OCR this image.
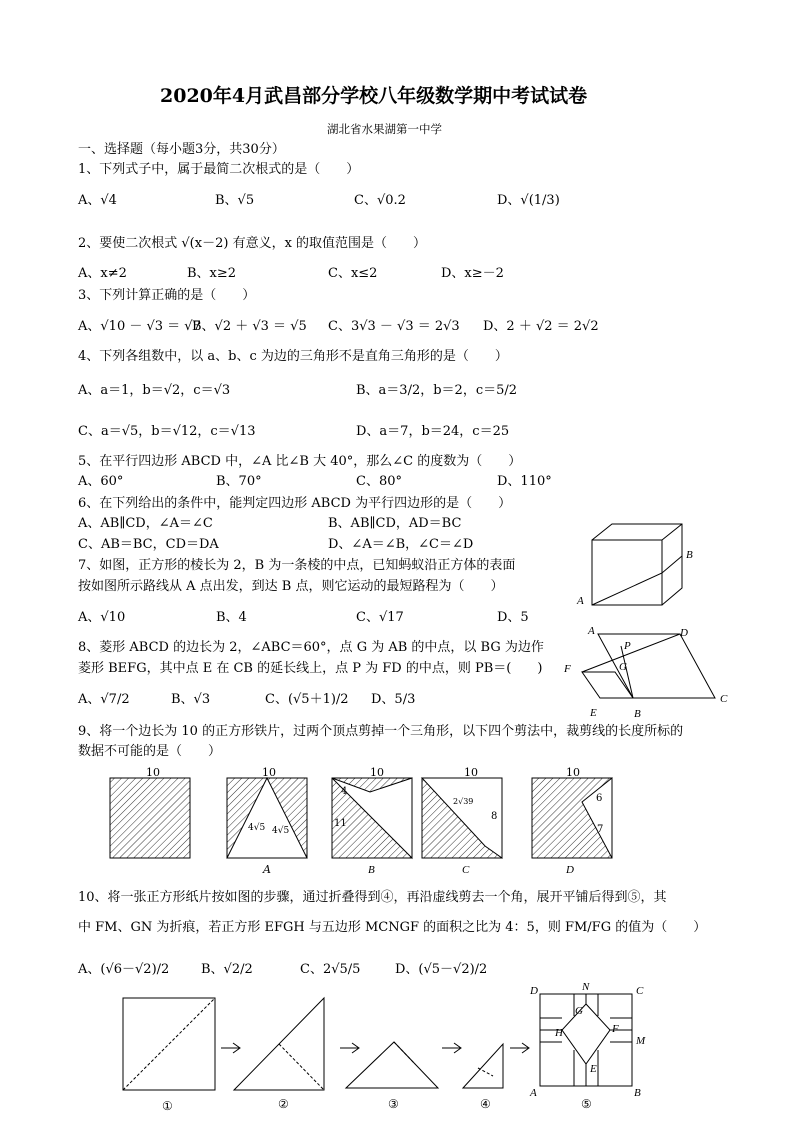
2020年4月武昌部分学校八年级数学期中考试试卷
湖北省水果湖第一中学
一、选择题（每小题3分，共30分）
1、下列式子中，属于最简二次根式的是（　　）
A、√4	B、√5	C、√0.2	D、√(1/3)
2、要使二次根式 √(x－2) 有意义，x 的取值范围是（　　）
A、x≠2	B、x≥2	C、x≤2	D、x≥－2
3、下列计算正确的是（　　）
A、√10 － √3 ＝ √7
B、√2 ＋ √3 ＝ √5 C、3√3 － √3 ＝ 2√3 D、2 ＋ √2 ＝ 2√2
4、下列各组数中，以 a、b、c 为边的三角形不是直角三角形的是（　　）
A、a＝1，b＝√2，c＝√3	B、a＝3/2，b＝2，c＝5/2
C、a＝√5，b＝√12，c＝√13	D、a＝7，b＝24，c＝25
5、在平行四边形 ABCD 中，∠A 比∠B 大 40°，那么∠C 的度数为（　　）
A、60°	B、70°	C、80°	D、110°
6、在下列给出的条件中，能判定四边形 ABCD 为平行四边形的是（　　）
A、AB∥CD，∠A＝∠C	B、AB∥CD，AD＝BC
C、AB＝BC，CD＝DA	D、∠A＝∠B，∠C＝∠D
7、如图，正方形的棱长为 2，B 为一条棱的中点，已知蚂蚁沿正方体的表面
按如图所示路线从 A 点出发，到达 B 点，则它运动的最短路程为（　　）
A、√10	B、4	C、√17	D、5
A
B
8、菱形 ABCD 的边长为 2，∠ABC＝60°，点 G 为 AB 的中点，以 BG 为边作
菱形 BEFG，其中点 E 在 CB 的延长线上，点 P 为 FD 的中点，则 PB＝(　　)
A、√7/2	B、√3	C、(√5＋1)/2 D、5/3
A
P
D
F	G
E	B
C
9、将一个边长为 10 的正方形铁片，过两个顶点剪掉一个三角形，以下四个剪法中，裁剪线的长度所标的
数据不可能的是（　　）
10	10
4√5 4√5
A
10
4
11
10
2√39
8
10
6
7
B	C	D
10、将一张正方形纸片按如图的步骤，通过折叠得到④，再沿虚线剪去一个角，展开平铺后得到⑤，其
中 FM、GN 为折痕，若正方形 EFGH 与五边形 MCNGF 的面积之比为 4：5，则 FM/FG 的值为（　　）
A、(√6－√2)/2 B、√2/2	C、2√5/5	D、(√5－√2)/2
①	②	③	④	⑤
D	N	C
G
H	F
M
E
A	B
